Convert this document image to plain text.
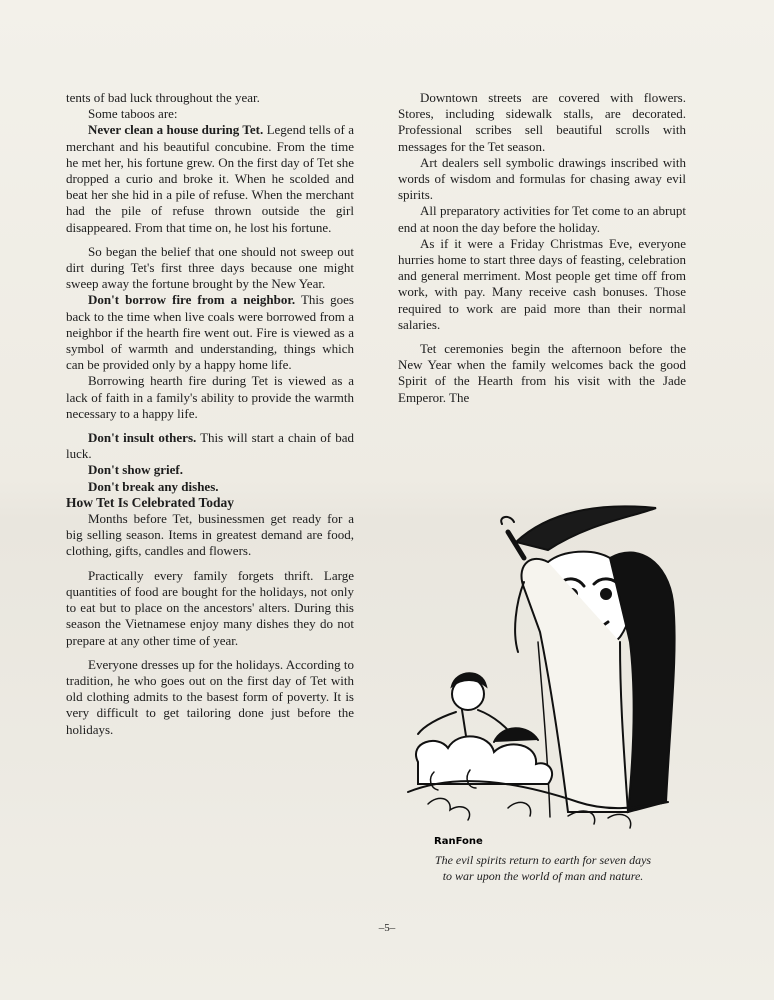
tents of bad luck throughout the year.

Some taboos are:

Never clean a house during Tet. Legend tells of a merchant and his beautiful concubine. From the time he met her, his fortune grew. On the first day of Tet she dropped a curio and broke it. When he scolded and beat her she hid in a pile of refuse. When the merchant had the pile of refuse thrown outside the girl disappeared. From that time on, he lost his fortune.

So began the belief that one should not sweep out dirt during Tet's first three days because one might sweep away the fortune brought by the New Year.

Don't borrow fire from a neighbor. This goes back to the time when live coals were borrowed from a neighbor if the hearth fire went out. Fire is viewed as a symbol of warmth and understanding, things which can be provided only by a happy home life.

Borrowing hearth fire during Tet is viewed as a lack of faith in a family's ability to provide the warmth necessary to a happy life.

Don't insult others. This will start a chain of bad luck.

Don't show grief.

Don't break any dishes.

How Tet Is Celebrated Today

Months before Tet, businessmen get ready for a big selling season. Items in greatest demand are food, clothing, gifts, candles and flowers.

Practically every family forgets thrift. Large quantities of food are bought for the holidays, not only to eat but to place on the ancestors' alters. During this season the Vietnamese enjoy many dishes they do not prepare at any other time of year.

Everyone dresses up for the holidays. According to tradition, he who goes out on the first day of Tet with old clothing admits to the basest form of poverty. It is very difficult to get tailoring done just before the holidays.

Downtown streets are covered with flowers. Stores, including sidewalk stalls, are decorated. Professional scribes sell beautiful scrolls with messages for the Tet season.

Art dealers sell symbolic drawings inscribed with words of wisdom and formulas for chasing away evil spirits.

All preparatory activities for Tet come to an abrupt end at noon the day before the holiday.

As if it were a Friday Christmas Eve, everyone hurries home to start three days of feasting, celebration and general merriment. Most people get time off from work, with pay. Many receive cash bonuses. Those required to work are paid more than their normal salaries.

Tet ceremonies begin the afternoon before the New Year when the family welcomes back the good Spirit of the Hearth from his visit with the Jade Emperor. The

RanFone
The evil spirits return to earth for seven days
to war upon the world of man and nature.
–5–
